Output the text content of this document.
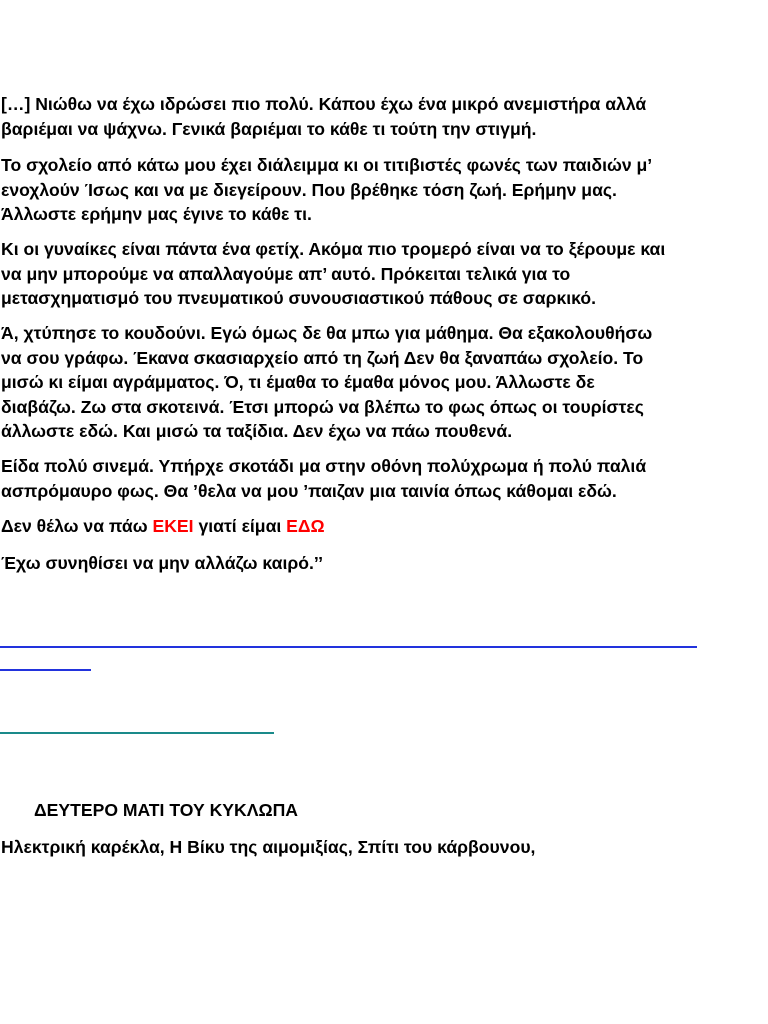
[…] Νιώθω να έχω ιδρώσει πιο πολύ. Κάπου έχω ένα μικρό ανεμιστήρα αλλά
βαριέμαι να ψάχνω. Γενικά βαριέμαι το κάθε τι τούτη την στιγμή.
Το σχολείο από κάτω μου έχει διάλειμμα κι οι τιτιβιστές φωνές των παιδιών μ’
ενοχλούν Ίσως και να με διεγείρουν. Που βρέθηκε τόση ζωή. Ερήμην μας.
Άλλωστε ερήμην μας έγινε το κάθε τι.
Κι οι γυναίκες είναι πάντα ένα φετίχ. Ακόμα πιο τρομερό είναι να το ξέρουμε και
να μην μπορούμε να απαλλαγούμε απ’ αυτό. Πρόκειται τελικά για το
μετασχηματισμό του πνευματικού συνουσιαστικού πάθους σε σαρκικό.
Ά, χτύπησε το κουδούνι. Εγώ όμως δε θα μπω για μάθημα. Θα εξακολουθήσω
να σου γράφω. Έκανα σκασιαρχείο από τη ζωή Δεν θα ξαναπάω σχολείο. Το
μισώ κι είμαι αγράμματος. Ό, τι έμαθα το έμαθα μόνος μου. Άλλωστε δε
διαβάζω. Ζω στα σκοτεινά. Έτσι μπορώ να βλέπω το φως όπως οι τουρίστες
άλλωστε εδώ. Και μισώ τα ταξίδια. Δεν έχω να πάω πουθενά.
Είδα πολύ σινεμά. Υπήρχε σκοτάδι μα στην οθόνη πολύχρωμα ή πολύ παλιά
ασπρόμαυρο φως. Θα ’θελα να μου ’παιζαν μια ταινία όπως κάθομαι εδώ.
Δεν θέλω να πάω ΕΚΕΙ γιατί είμαι ΕΔΩ
Έχω συνηθίσει να μην αλλάζω καιρό.’’
ΔΕΥΤΕΡΟ ΜΑΤΙ ΤΟΥ ΚΥΚΛΩΠΑ
Ηλεκτρική καρέκλα, Η Βίκυ της αιμομιξίας, Σπίτι του κάρβουνου,
